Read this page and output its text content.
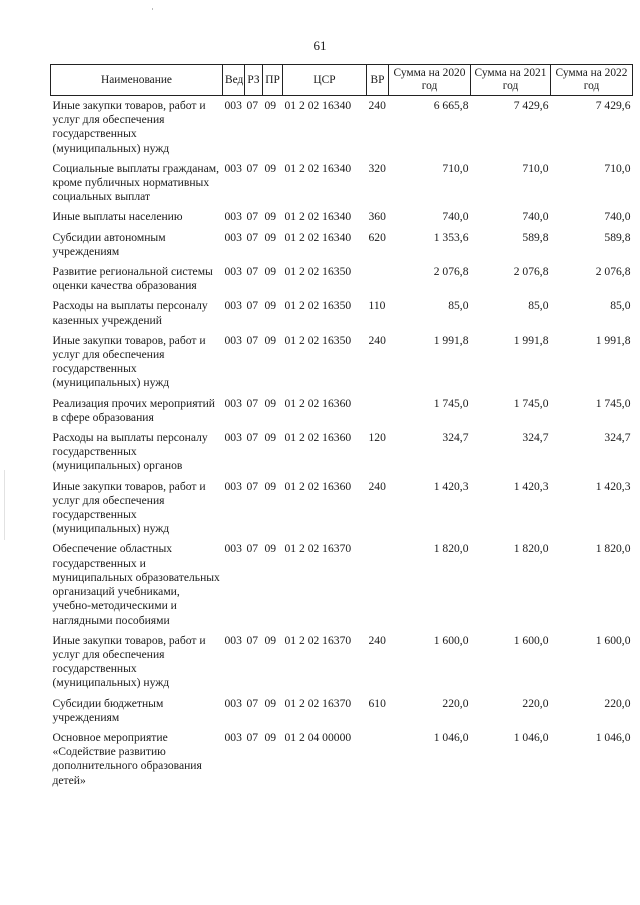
61
Наименование	Вед	РЗ	ПР	ЦСР	ВР	Сумма на 2020 год	Сумма на 2021 год	Сумма на 2022 год
Иные закупки товаров, работ и услуг для обеспечения государственных (муниципальных) нужд	003	07	09	01 2 02 16340	240	6 665,8	7 429,6	7 429,6
Социальные выплаты гражданам, кроме публичных нормативных социальных выплат	003	07	09	01 2 02 16340	320	710,0	710,0	710,0
Иные выплаты населению	003	07	09	01 2 02 16340	360	740,0	740,0	740,0
Субсидии автономным учреждениям	003	07	09	01 2 02 16340	620	1 353,6	589,8	589,8
Развитие региональной системы оценки качества образования	003	07	09	01 2 02 16350		2 076,8	2 076,8	2 076,8
Расходы на выплаты персоналу казенных учреждений	003	07	09	01 2 02 16350	110	85,0	85,0	85,0
Иные закупки товаров, работ и услуг для обеспечения государственных (муниципальных) нужд	003	07	09	01 2 02 16350	240	1 991,8	1 991,8	1 991,8
Реализация прочих мероприятий в сфере образования	003	07	09	01 2 02 16360		1 745,0	1 745,0	1 745,0
Расходы на выплаты персоналу государственных (муниципальных) органов	003	07	09	01 2 02 16360	120	324,7	324,7	324,7
Иные закупки товаров, работ и услуг для обеспечения государственных (муниципальных) нужд	003	07	09	01 2 02 16360	240	1 420,3	1 420,3	1 420,3
Обеспечение областных государственных и муниципальных образовательных организаций учебниками, учебно-методическими и наглядными пособиями	003	07	09	01 2 02 16370		1 820,0	1 820,0	1 820,0
Иные закупки товаров, работ и услуг для обеспечения государственных (муниципальных) нужд	003	07	09	01 2 02 16370	240	1 600,0	1 600,0	1 600,0
Субсидии бюджетным учреждениям	003	07	09	01 2 02 16370	610	220,0	220,0	220,0
Основное мероприятие «Содействие развитию дополнительного образования детей»	003	07	09	01 2 04 00000		1 046,0	1 046,0	1 046,0
